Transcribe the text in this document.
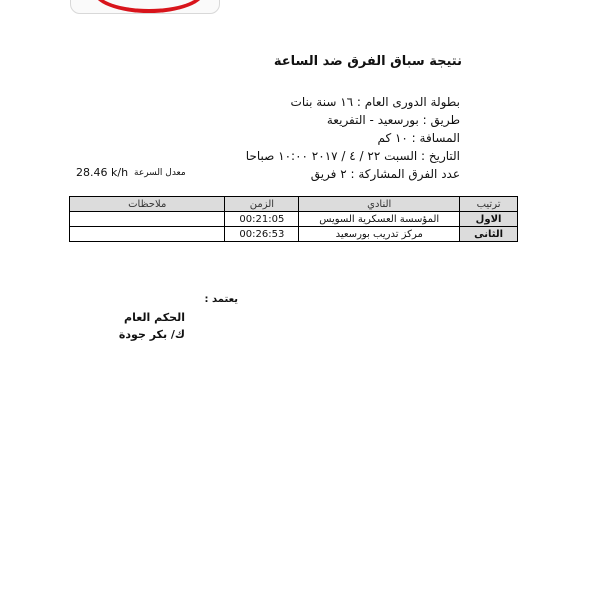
نتيجة سباق الفرق ضد الساعة
بطولة الدورى العام : ١٦ سنة بنات
طريق : بورسعيد - التفريعة
المسافة : ١٠ كم
التاريخ : السبت ٢٢ / ٤ / ٢٠١٧ ١٠:٠٠ صباحا
عدد الفرق المشاركة : ٢ فريق
معدل السرعة
28.46 k/h
ترتيب	النادي	الزمن	ملاحظات
الاول	المؤسسة العسكرية السويس	00:21:05	
الثانى	مركز تدريب بورسعيد	00:26:53	
يعتمد :
الحكم العام
ك/ بكر جودة
